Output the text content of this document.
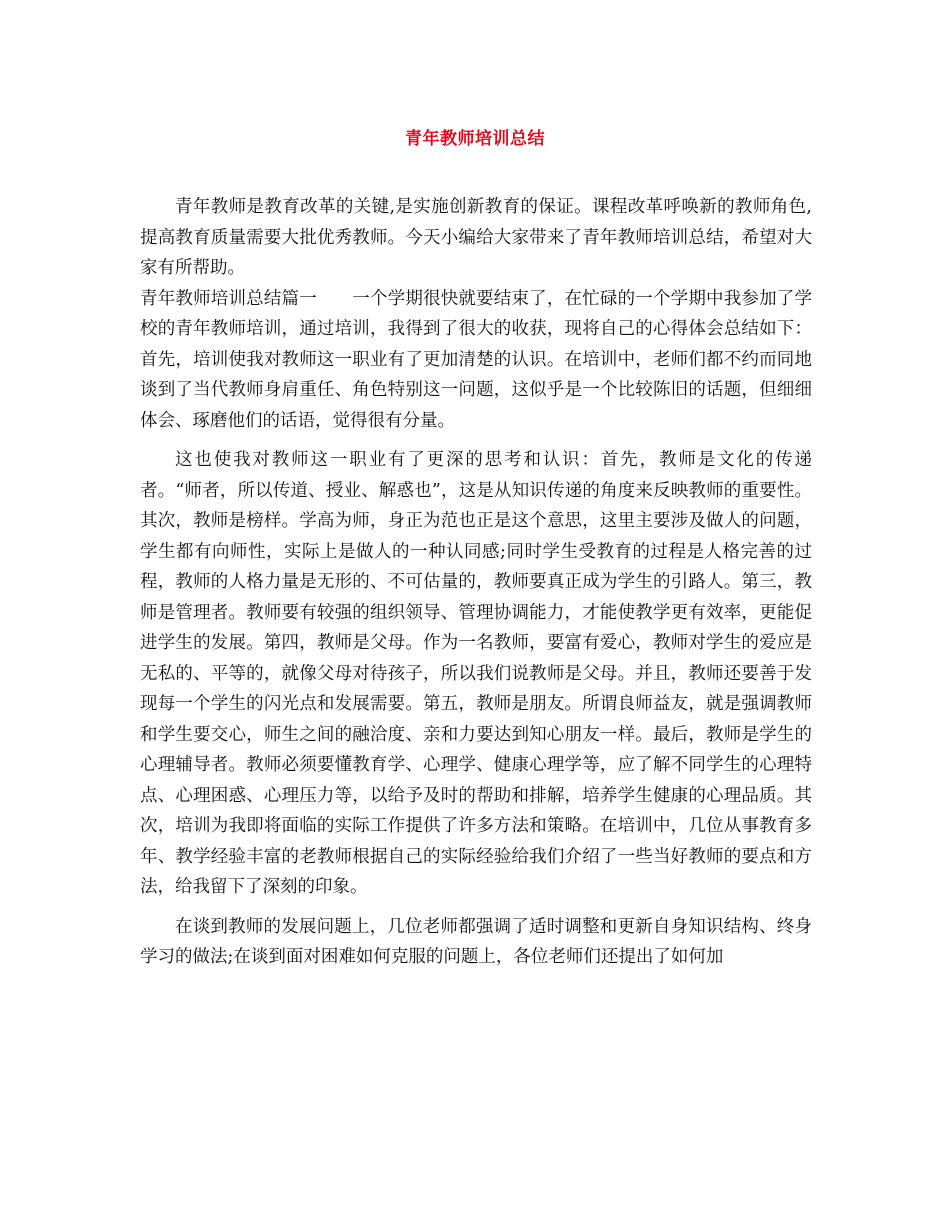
青年教师培训总结

青年教师是教育改革的关键,是实施创新教育的保证。课程改革呼唤新的教师角色,提高教育质量需要大批优秀教师。今天小编给大家带来了青年教师培训总结，希望对大家有所帮助。

青年教师培训总结篇一　　一个学期很快就要结束了，在忙碌的一个学期中我参加了学校的青年教师培训，通过培训，我得到了很大的收获，现将自己的心得体会总结如下：首先，培训使我对教师这一职业有了更加清楚的认识。在培训中，老师们都不约而同地谈到了当代教师身肩重任、角色特别这一问题，这似乎是一个比较陈旧的话题，但细细体会、琢磨他们的话语，觉得很有分量。

这也使我对教师这一职业有了更深的思考和认识：首先，教师是文化的传递者。“师者，所以传道、授业、解惑也”，这是从知识传递的角度来反映教师的重要性。其次，教师是榜样。学高为师，身正为范也正是这个意思，这里主要涉及做人的问题，学生都有向师性，实际上是做人的一种认同感;同时学生受教育的过程是人格完善的过程，教师的人格力量是无形的、不可估量的，教师要真正成为学生的引路人。第三，教师是管理者。教师要有较强的组织领导、管理协调能力，才能使教学更有效率，更能促进学生的发展。第四，教师是父母。作为一名教师，要富有爱心，教师对学生的爱应是无私的、平等的，就像父母对待孩子，所以我们说教师是父母。并且，教师还要善于发现每一个学生的闪光点和发展需要。第五，教师是朋友。所谓良师益友，就是强调教师和学生要交心，师生之间的融洽度、亲和力要达到知心朋友一样。最后，教师是学生的心理辅导者。教师必须要懂教育学、心理学、健康心理学等，应了解不同学生的心理特点、心理困惑、心理压力等，以给予及时的帮助和排解，培养学生健康的心理品质。其次，培训为我即将面临的实际工作提供了许多方法和策略。在培训中，几位从事教育多年、教学经验丰富的老教师根据自己的实际经验给我们介绍了一些当好教师的要点和方法，给我留下了深刻的印象。

在谈到教师的发展问题上，几位老师都强调了适时调整和更新自身知识结构、终身学习的做法;在谈到面对困难如何克服的问题上，各位老师们还提出了如何加
